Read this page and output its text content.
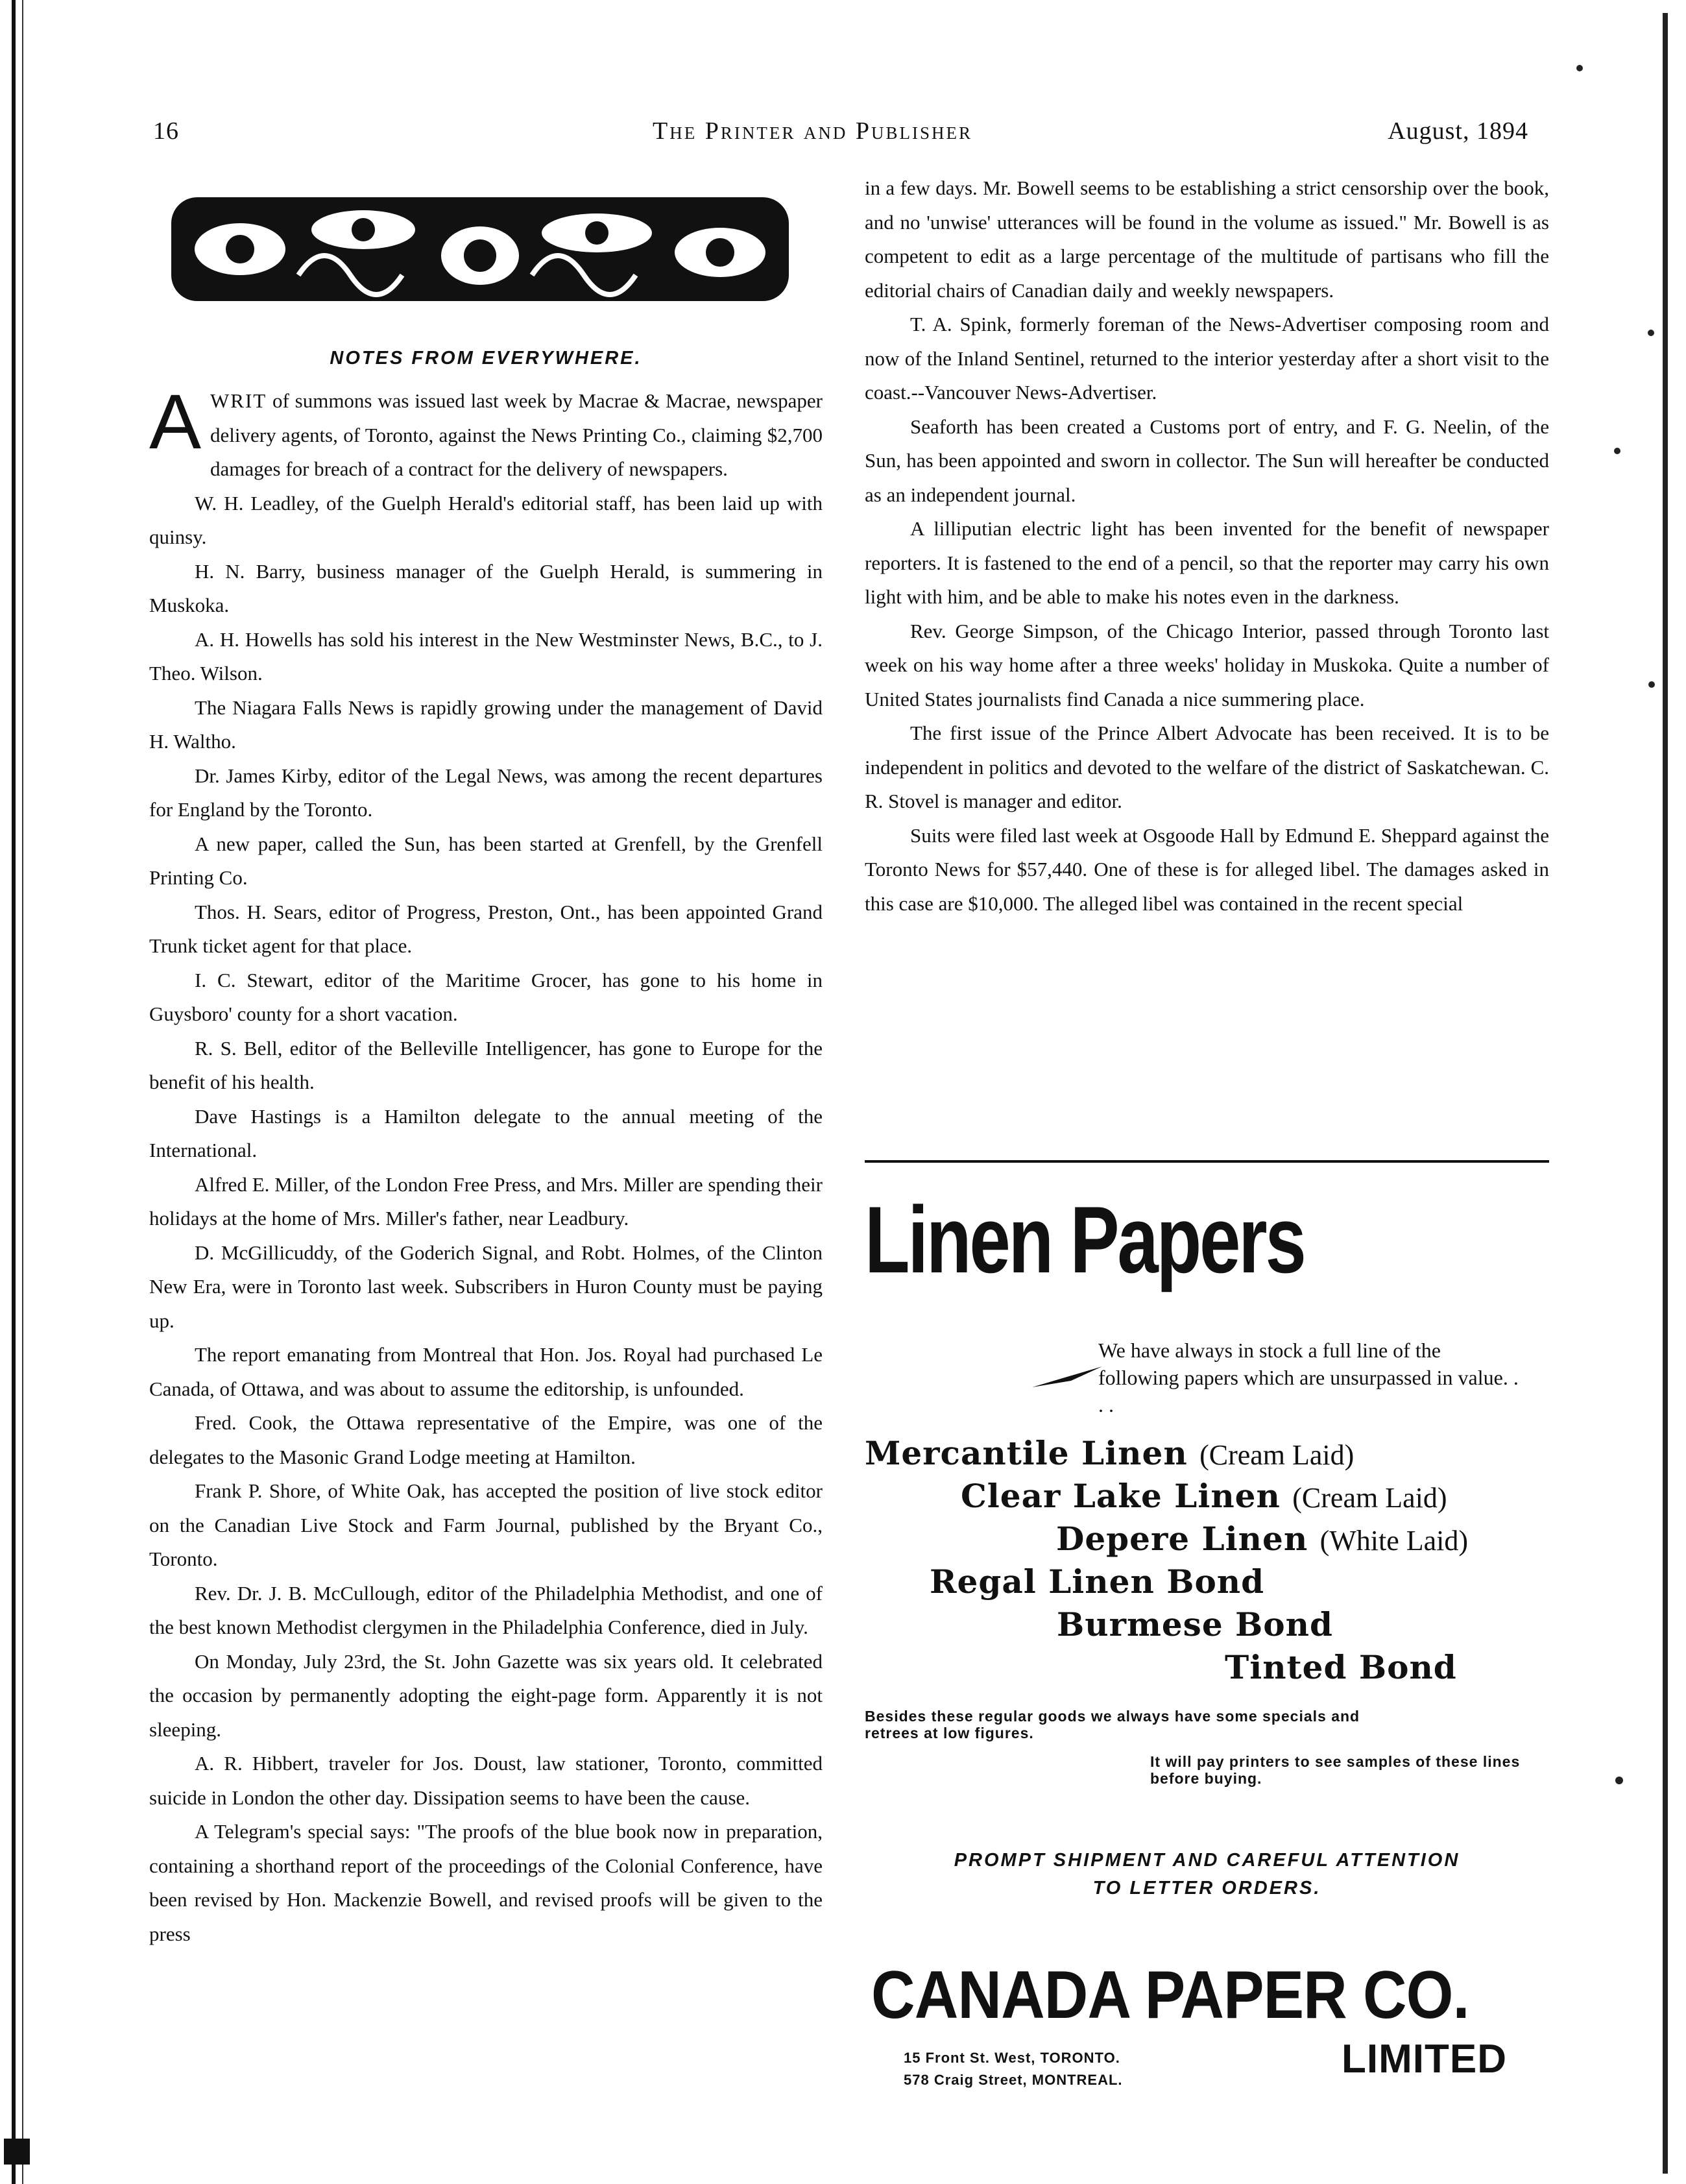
16	The Printer and Publisher	August, 1894
NOTES FROM EVERYWHERE.

AWRIT of summons was issued last week by Macrae & Macrae, newspaper delivery agents, of Toronto, against the News Printing Co., claiming $2,700 damages for breach of a contract for the delivery of newspapers.

W. H. Leadley, of the Guelph Herald's editorial staff, has been laid up with quinsy.

H. N. Barry, business manager of the Guelph Herald, is summering in Muskoka.

A. H. Howells has sold his interest in the New Westminster News, B.C., to J. Theo. Wilson.

The Niagara Falls News is rapidly growing under the management of David H. Waltho.

Dr. James Kirby, editor of the Legal News, was among the recent departures for England by the Toronto.

A new paper, called the Sun, has been started at Grenfell, by the Grenfell Printing Co.

Thos. H. Sears, editor of Progress, Preston, Ont., has been appointed Grand Trunk ticket agent for that place.

I. C. Stewart, editor of the Maritime Grocer, has gone to his home in Guysboro' county for a short vacation.

R. S. Bell, editor of the Belleville Intelligencer, has gone to Europe for the benefit of his health.

Dave Hastings is a Hamilton delegate to the annual meeting of the International.

Alfred E. Miller, of the London Free Press, and Mrs. Miller are spending their holidays at the home of Mrs. Miller's father, near Leadbury.

D. McGillicuddy, of the Goderich Signal, and Robt. Holmes, of the Clinton New Era, were in Toronto last week. Subscribers in Huron County must be paying up.

The report emanating from Montreal that Hon. Jos. Royal had purchased Le Canada, of Ottawa, and was about to assume the editorship, is unfounded.

Fred. Cook, the Ottawa representative of the Empire, was one of the delegates to the Masonic Grand Lodge meeting at Hamilton.

Frank P. Shore, of White Oak, has accepted the position of live stock editor on the Canadian Live Stock and Farm Journal, published by the Bryant Co., Toronto.

Rev. Dr. J. B. McCullough, editor of the Philadelphia Methodist, and one of the best known Methodist clergymen in the Philadelphia Conference, died in July.

On Monday, July 23rd, the St. John Gazette was six years old. It celebrated the occasion by permanently adopting the eight-page form. Apparently it is not sleeping.

A. R. Hibbert, traveler for Jos. Doust, law stationer, Toronto, committed suicide in London the other day. Dissipation seems to have been the cause.

A Telegram's special says: "The proofs of the blue book now in preparation, containing a shorthand report of the proceedings of the Colonial Conference, have been revised by Hon. Mackenzie Bowell, and revised proofs will be given to the press

in a few days. Mr. Bowell seems to be establishing a strict censorship over the book, and no 'unwise' utterances will be found in the volume as issued." Mr. Bowell is as competent to edit as a large percentage of the multitude of partisans who fill the editorial chairs of Canadian daily and weekly newspapers.

T. A. Spink, formerly foreman of the News-Advertiser composing room and now of the Inland Sentinel, returned to the interior yesterday after a short visit to the coast.--Vancouver News-Advertiser.

Seaforth has been created a Customs port of entry, and F. G. Neelin, of the Sun, has been appointed and sworn in collector. The Sun will hereafter be conducted as an independent journal.

A lilliputian electric light has been invented for the benefit of newspaper reporters. It is fastened to the end of a pencil, so that the reporter may carry his own light with him, and be able to make his notes even in the darkness.

Rev. George Simpson, of the Chicago Interior, passed through Toronto last week on his way home after a three weeks' holiday in Muskoka. Quite a number of United States journalists find Canada a nice summering place.

The first issue of the Prince Albert Advocate has been received. It is to be independent in politics and devoted to the welfare of the district of Saskatchewan. C. R. Stovel is manager and editor.

Suits were filed last week at Osgoode Hall by Edmund E. Sheppard against the Toronto News for $57,440. One of these is for alleged libel. The damages asked in this case are $10,000. The alleged libel was contained in the recent special

Linen Papers
We have always in stock a full line of the following papers which are unsurpassed in value. . . .
Mercantile Linen (Cream Laid)
Clear Lake Linen (Cream Laid)
Depere Linen (White Laid)
Regal Linen Bond
Burmese Bond
Tinted Bond
Besides these regular goods we always have some specials and retrees at low figures.
It will pay printers to see samples of these lines before buying.
PROMPT SHIPMENT AND CAREFUL ATTENTION
TO LETTER ORDERS.
CANADA PAPER CO.
15 Front St. West, TORONTO.
578 Craig Street, MONTREAL.	LIMITED
